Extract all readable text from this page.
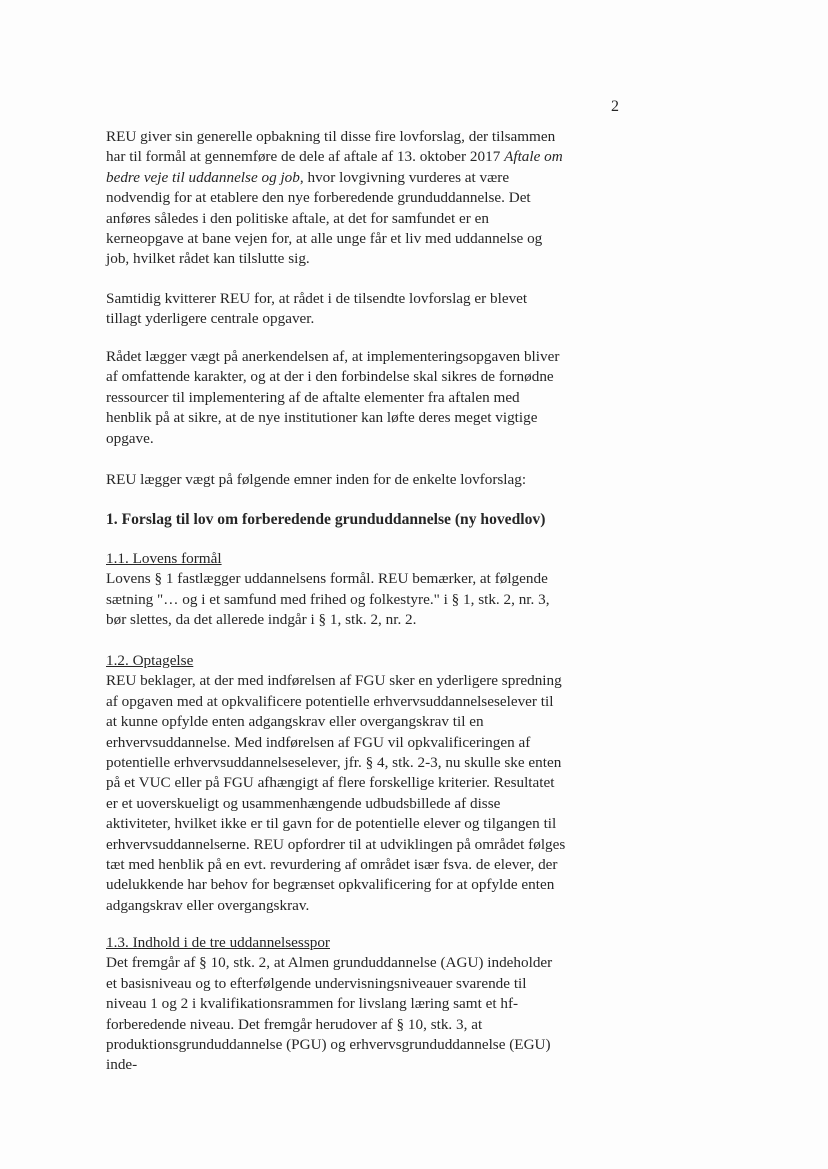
2

REU giver sin generelle opbakning til disse fire lovforslag, der tilsammen har til formål at gennemføre de dele af aftale af 13. oktober 2017 Aftale om bedre veje til uddannelse og job, hvor lovgivning vurderes at være nodvendig for at etablere den nye forberedende grunduddannelse. Det anføres således i den politiske aftale, at det for samfundet er en kerneopgave at bane vejen for, at alle unge får et liv med uddannelse og job, hvilket rådet kan tilslutte sig.

Samtidig kvitterer REU for, at rådet i de tilsendte lovforslag er blevet tillagt yderligere centrale opgaver.

Rådet lægger vægt på anerkendelsen af, at implementeringsopgaven bliver af omfattende karakter, og at der i den forbindelse skal sikres de fornødne ressourcer til implementering af de aftalte elementer fra aftalen med henblik på at sikre, at de nye institutioner kan løfte deres meget vigtige opgave.

REU lægger vægt på følgende emner inden for de enkelte lovforslag:

1. Forslag til lov om forberedende grunduddannelse (ny hovedlov)

1.1. Lovens formål
Lovens § 1 fastlægger uddannelsens formål. REU bemærker, at følgende sætning "… og i et samfund med frihed og folkestyre." i § 1, stk. 2, nr. 3, bør slettes, da det allerede indgår i § 1, stk. 2, nr. 2.
1.2. Optagelse
REU beklager, at der med indførelsen af FGU sker en yderligere spredning af opgaven med at opkvalificere potentielle erhvervsuddannelseselever til at kunne opfylde enten adgangskrav eller overgangskrav til en erhvervsuddannelse. Med indførelsen af FGU vil opkvalificeringen af potentielle erhvervsuddannelseselever, jfr. § 4, stk. 2-3, nu skulle ske enten på et VUC eller på FGU afhængigt af flere forskellige kriterier. Resultatet er et uoverskueligt og usammenhængende udbudsbillede af disse aktiviteter, hvilket ikke er til gavn for de potentielle elever og tilgangen til erhvervsuddannelserne. REU opfordrer til at udviklingen på området følges tæt med henblik på en evt. revurdering af området især fsva. de elever, der udelukkende har behov for begrænset opkvalificering for at opfylde enten adgangskrav eller overgangskrav.
1.3. Indhold i de tre uddannelsesspor
Det fremgår af § 10, stk. 2, at Almen grunduddannelse (AGU) indeholder et basisniveau og to efterfølgende undervisningsniveauer svarende til niveau 1 og 2 i kvalifikationsrammen for livslang læring samt et hf-forberedende niveau. Det fremgår herudover af § 10, stk. 3, at produktionsgrunduddannelse (PGU) og erhvervsgrunduddannelse (EGU) inde-
